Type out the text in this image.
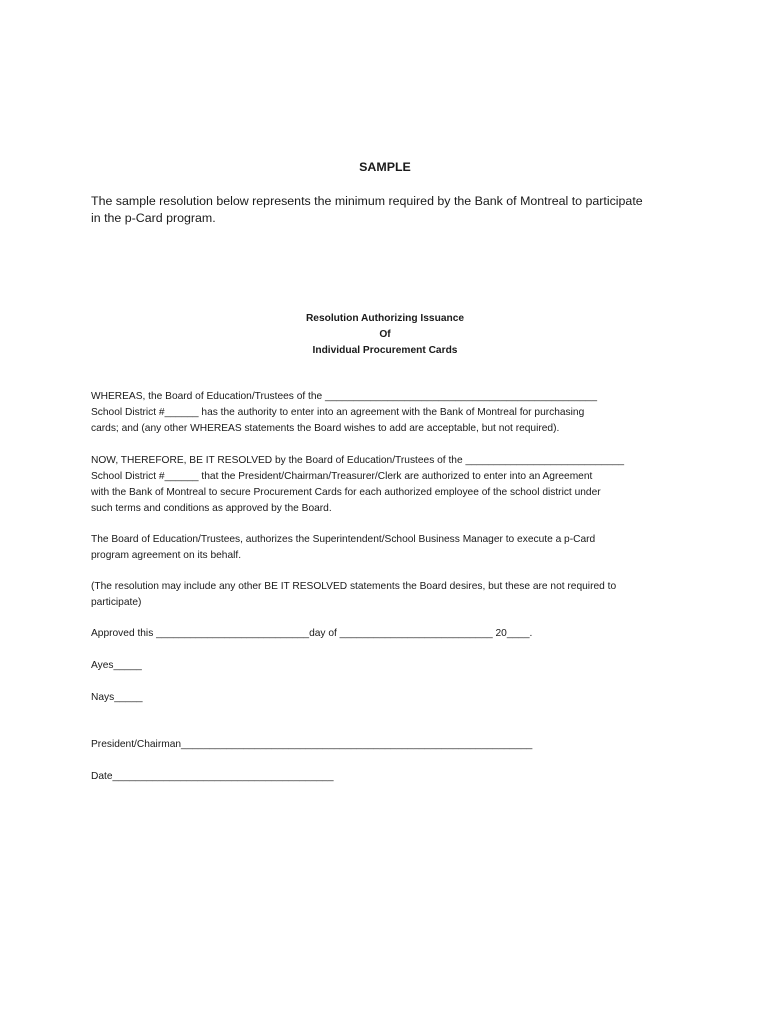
SAMPLE
The sample resolution below represents the minimum required by the Bank of Montreal to participate
in the p-Card program.
Resolution Authorizing Issuance
Of
Individual Procurement Cards
WHEREAS, the Board of Education/Trustees of the ________________________________________________
School District #______ has the authority to enter into an agreement with the Bank of Montreal for purchasing
cards; and (any other WHEREAS statements the Board wishes to add are acceptable, but not required).
NOW, THEREFORE, BE IT RESOLVED by the Board of Education/Trustees of the ____________________________
School District #______ that the President/Chairman/Treasurer/Clerk are authorized to enter into an Agreement
with the Bank of Montreal to secure Procurement Cards for each authorized employee of the school district under
such terms and conditions as approved by the Board.
The Board of Education/Trustees, authorizes the Superintendent/School Business Manager to execute a p-Card
program agreement on its behalf.
(The resolution may include any other BE IT RESOLVED statements the Board desires, but these are not required to
participate)
Approved this ___________________________day of ___________________________ 20____.
Ayes_____
Nays_____
President/Chairman______________________________________________________________
Date_______________________________________
